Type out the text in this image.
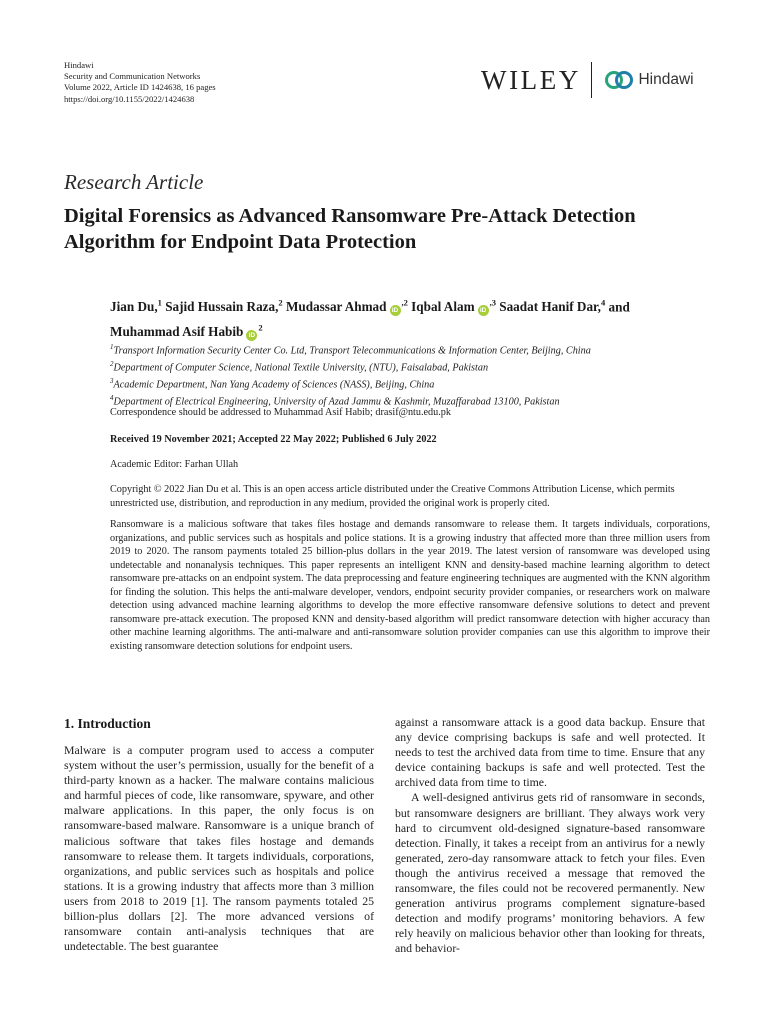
Hindawi
Security and Communication Networks
Volume 2022, Article ID 1424638, 16 pages
https://doi.org/10.1155/2022/1424638
WILEY	Hindawi
Research Article
Digital Forensics as Advanced Ransomware Pre-Attack Detection Algorithm for Endpoint Data Protection
Jian Du,$^1$ Sajid Hussain Raza,$^2$ Mudassar Ahmad $iD^{,2}$ Iqbal Alam $iD^{,3}$ Saadat Hanif Dar,$^4$ and
Muhammad Asif Habib $iD^2$
$^1$Transport Information Security Center Co. Ltd, Transport Telecommunications & Information Center, Beijing, China
$^2$Department of Computer Science, National Textile University, (NTU), Faisalabad, Pakistan
$^3$Academic Department, Nan Yang Academy of Sciences (NASS), Beijing, China
$^4$Department of Electrical Engineering, University of Azad Jammu & Kashmir, Muzaffarabad 13100, Pakistan
Correspondence should be addressed to Muhammad Asif Habib; drasif@ntu.edu.pk
Received 19 November 2021; Accepted 22 May 2022; Published 6 July 2022
Academic Editor: Farhan Ullah
Copyright © 2022 Jian Du et al. This is an open access article distributed under the Creative Commons Attribution License, which permits unrestricted use, distribution, and reproduction in any medium, provided the original work is properly cited.
Ransomware is a malicious software that takes files hostage and demands ransomware to release them. It targets individuals, corporations, organizations, and public services such as hospitals and police stations. It is a growing industry that affected more than three million users from 2019 to 2020. The ransom payments totaled 25 billion-plus dollars in the year 2019. The latest version of ransomware was developed using undetectable and nonanalysis techniques. This paper represents an intelligent KNN and density-based machine learning algorithm to detect ransomware pre-attacks on an endpoint system. The data preprocessing and feature engineering techniques are augmented with the KNN algorithm for finding the solution. This helps the anti-malware developer, vendors, endpoint security provider companies, or researchers work on malware detection using advanced machine learning algorithms to develop the more effective ransomware defensive solutions to detect and prevent ransomware pre-attack execution. The proposed KNN and density-based algorithm will predict ransomware detection with higher accuracy than other machine learning algorithms. The anti-malware and anti-ransomware solution provider companies can use this algorithm to improve their existing ransomware detection solutions for endpoint users.
1. Introduction

Malware is a computer program used to access a computer system without the user’s permission, usually for the benefit of a third-party known as a hacker. The malware contains malicious and harmful pieces of code, like ransomware, spyware, and other malware applications. In this paper, the only focus is on ransomware-based malware. Ransomware is a unique branch of malicious software that takes files hostage and demands ransomware to release them. It targets individuals, corporations, organizations, and public services such as hospitals and police stations. It is a growing industry that affects more than 3 million users from 2018 to 2019 [1]. The ransom payments totaled 25 billion-plus dollars [2]. The more advanced versions of ransomware contain anti-analysis techniques that are undetectable. The best guarantee

against a ransomware attack is a good data backup. Ensure that any device comprising backups is safe and well protected. It needs to test the archived data from time to time. Ensure that any device containing backups is safe and well protected. Test the archived data from time to time.

A well-designed antivirus gets rid of ransomware in seconds, but ransomware designers are brilliant. They always work very hard to circumvent old-designed signature-based ransomware detection. Finally, it takes a receipt from an antivirus for a newly generated, zero-day ransomware attack to fetch your files. Even though the antivirus received a message that removed the ransomware, the files could not be recovered permanently. New generation antivirus programs complement signature-based detection and modify programs’ monitoring behaviors. A few rely heavily on malicious behavior other than looking for threats, and behavior-
